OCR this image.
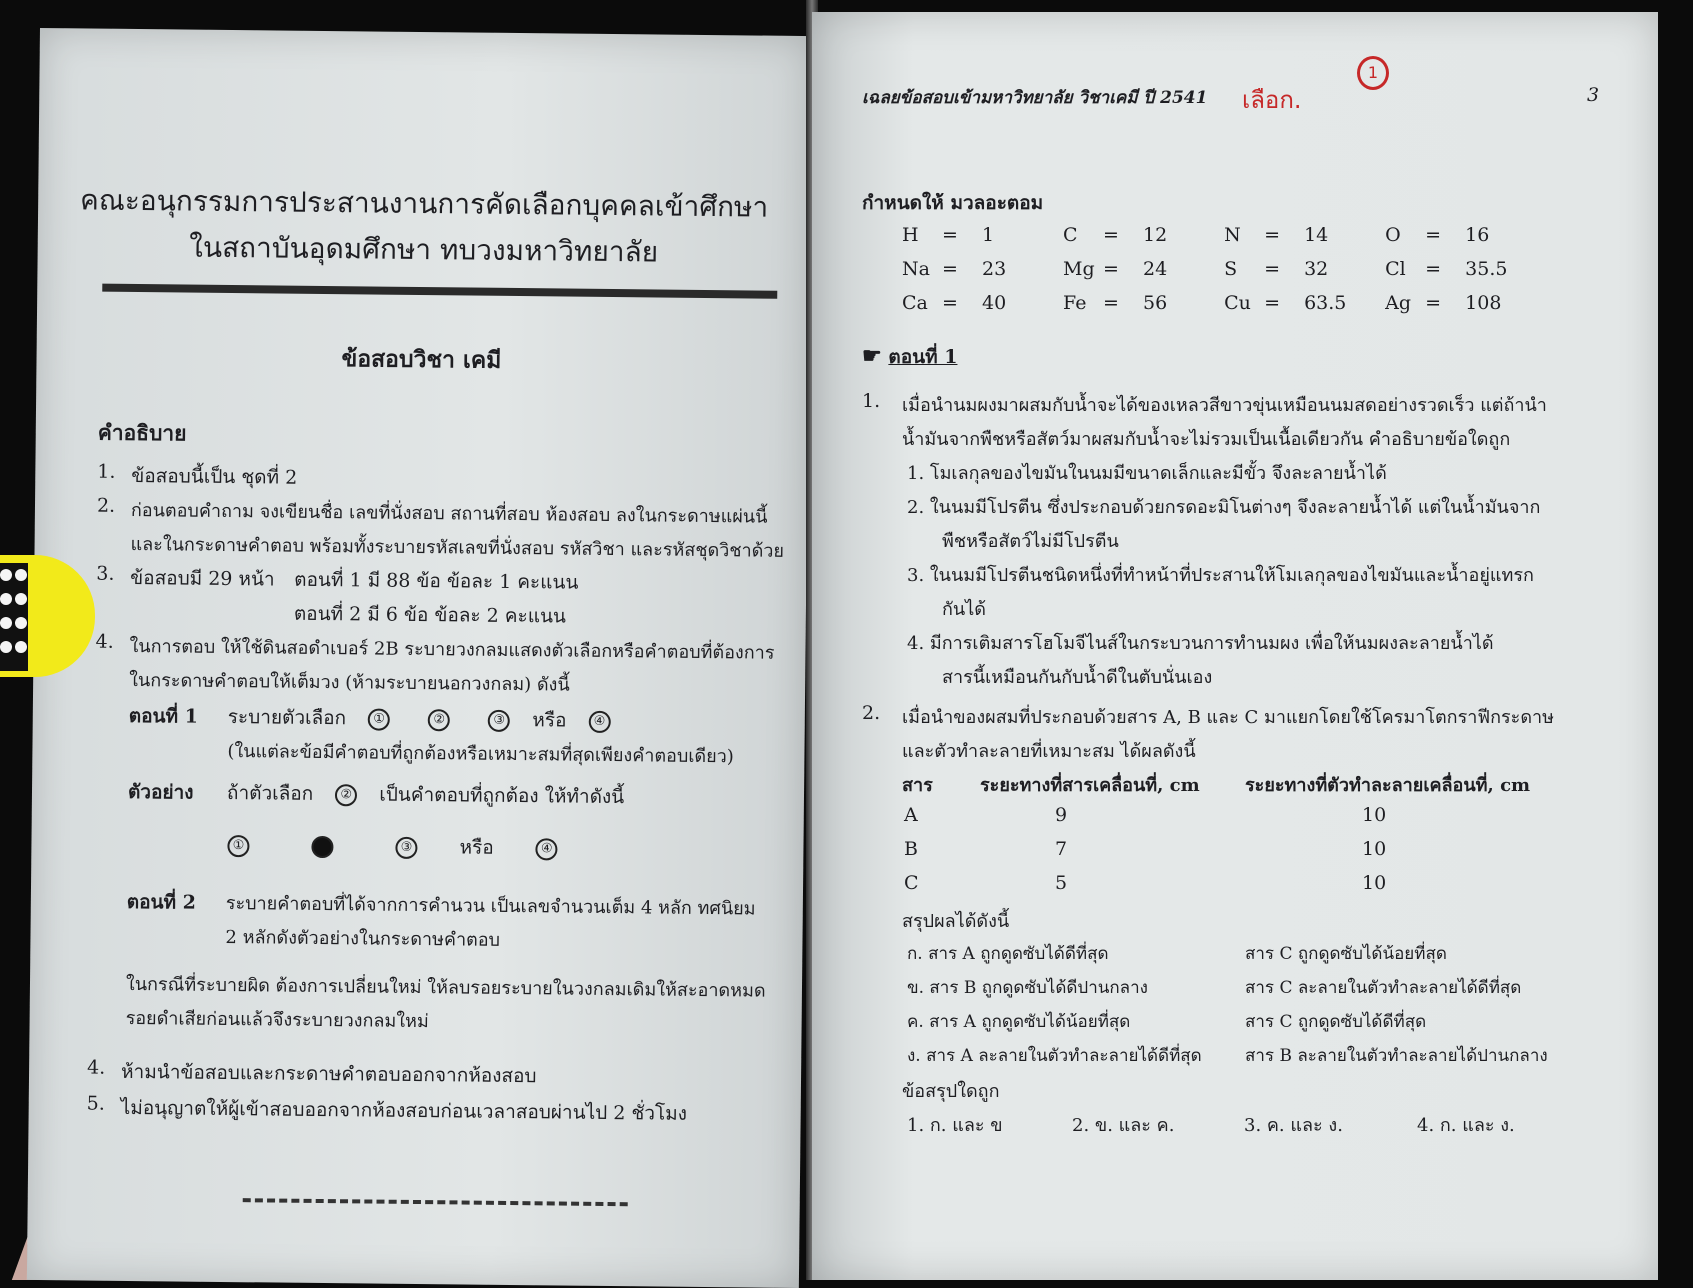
คณะอนุกรรมการประสานงานการคัดเลือกบุคคลเข้าศึกษา
ในสถาบันอุดมศึกษา ทบวงมหาวิทยาลัย
ข้อสอบวิชา เคมี
คำอธิบาย
1. ข้อสอบนี้เป็น ชุดที่ 2
2. ก่อนตอบคำถาม จงเขียนชื่อ เลขที่นั่งสอบ สถานที่สอบ ห้องสอบ ลงในกระดาษแผ่นนี้
และในกระดาษคำตอบ พร้อมทั้งระบายรหัสเลขที่นั่งสอบ รหัสวิชา และรหัสชุดวิชาด้วย
3. ข้อสอบมี 29 หน้า ตอนที่ 1 มี 88 ข้อ ข้อละ 1 คะแนน
ตอนที่ 2 มี 6 ข้อ ข้อละ 2 คะแนน
4. ในการตอบ ให้ใช้ดินสอดำเบอร์ 2B ระบายวงกลมแสดงตัวเลือกหรือคำตอบที่ต้องการ
ในกระดาษคำตอบให้เต็มวง (ห้ามระบายนอกวงกลม) ดังนี้
ตอนที่ 1 ระบายตัวเลือก ①	②	③ หรือ ④
(ในแต่ละข้อมีคำตอบที่ถูกต้องหรือเหมาะสมที่สุดเพียงคำตอบเดียว)
ตัวอย่าง ถ้าตัวเลือก ② เป็นคำตอบที่ถูกต้อง ให้ทำดังนี้
①	③ หรือ	④
ตอนที่ 2 ระบายคำตอบที่ได้จากการคำนวน เป็นเลขจำนวนเต็ม 4 หลัก ทศนิยม
2 หลักดังตัวอย่างในกระดาษคำตอบ
ในกรณีที่ระบายผิด ต้องการเปลี่ยนใหม่ ให้ลบรอยระบายในวงกลมเดิมให้สะอาดหมด
รอยดำเสียก่อนแล้วจึงระบายวงกลมใหม่
4. ห้ามนำข้อสอบและกระดาษคำตอบออกจากห้องสอบ
5. ไม่อนุญาตให้ผู้เข้าสอบออกจากห้องสอบก่อนเวลาสอบผ่านไป 2 ชั่วโมง
เฉลยข้อสอบเข้ามหาวิทยาลัย วิชาเคมี ปี 2541 เลือก.
1
3
กำหนดให้ มวลอะตอม
H = 1	C = 12	N = 14	O = 16
Na = 23	Mg = 24	S = 32	Cl = 35.5
Ca = 40	Fe = 56	Cu = 63.5 Ag = 108
☛ ตอนที่ 1
1. เมื่อนำนมผงมาผสมกับน้ำจะได้ของเหลวสีขาวขุ่นเหมือนนมสดอย่างรวดเร็ว แต่ถ้านำ
น้ำมันจากพืชหรือสัตว์มาผสมกับน้ำจะไม่รวมเป็นเนื้อเดียวกัน คำอธิบายข้อใดถูก
1. โมเลกุลของไขมันในนมมีขนาดเล็กและมีขั้ว จึงละลายน้ำได้
2. ในนมมีโปรตีน ซึ่งประกอบด้วยกรดอะมิโนต่างๆ จึงละลายน้ำได้ แต่ในน้ำมันจาก
พืชหรือสัตว์ไม่มีโปรตีน
3. ในนมมีโปรตีนชนิดหนึ่งที่ทำหน้าที่ประสานให้โมเลกุลของไขมันและน้ำอยู่แทรก
กันได้
4. มีการเติมสารโฮโมจีไนส์ในกระบวนการทำนมผง เพื่อให้นมผงละลายน้ำได้
สารนี้เหมือนกันกับน้ำดีในตับนั่นเอง
2. เมื่อนำของผสมที่ประกอบด้วยสาร A, B และ C มาแยกโดยใช้โครมาโตกราฟีกระดาษ
และตัวทำละลายที่เหมาะสม ได้ผลดังนี้
สาร	ระยะทางที่สารเคลื่อนที่, cm	ระยะทางที่ตัวทำละลายเคลื่อนที่, cm
A	9	10
B	7	10
C	5	10
สรุปผลได้ดังนี้
ก. สาร A ถูกดูดซับได้ดีที่สุด	สาร C ถูกดูดซับได้น้อยที่สุด
ข. สาร B ถูกดูดซับได้ดีปานกลาง	สาร C ละลายในตัวทำละลายได้ดีที่สุด
ค. สาร A ถูกดูดซับได้น้อยที่สุด	สาร C ถูกดูดซับได้ดีที่สุด
ง. สาร A ละลายในตัวทำละลายได้ดีที่สุด	สาร B ละลายในตัวทำละลายได้ปานกลาง
ข้อสรุปใดถูก
1. ก. และ ข	2. ข. และ ค.	3. ค. และ ง.	4. ก. และ ง.
